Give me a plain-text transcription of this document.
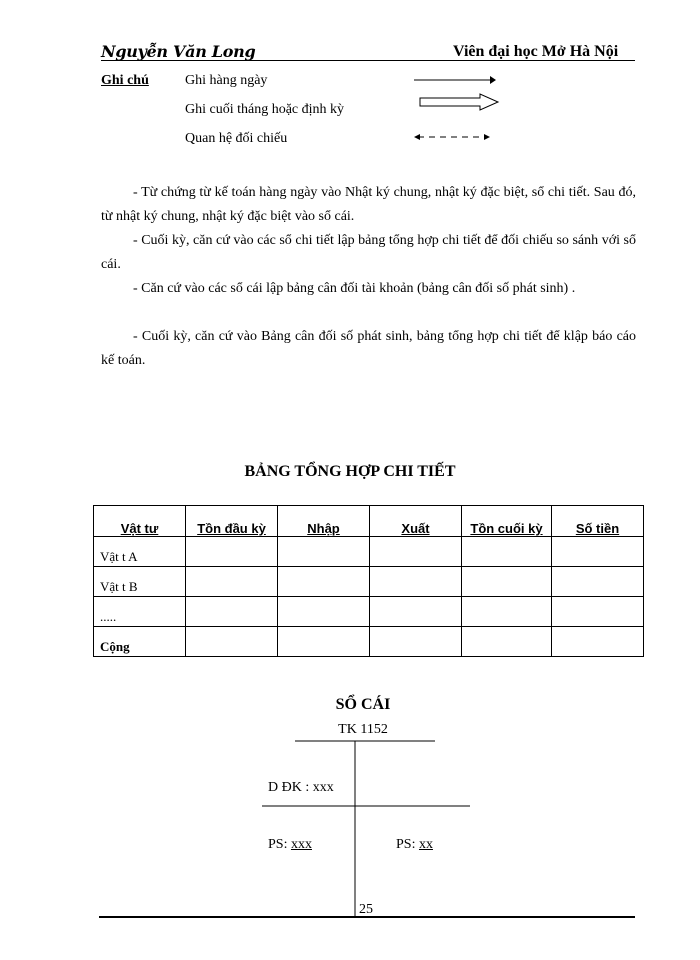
Nguyễn Văn Long	Viên đại học Mở Hà Nội
Ghi chú	Ghi hàng ngày
Ghi cuối tháng hoặc định kỳ
Quan hệ đối chiếu
- Từ chứng từ kế toán hàng ngày vào Nhật ký chung, nhật ký đặc biệt, sổ chi tiết. Sau đó, từ nhật ký chung, nhật ký đặc biệt vào sổ cái.
- Cuối kỳ, căn cứ vào các sổ chi tiết lập bảng tổng hợp chi tiết để đối chiếu so sánh với sổ cái.
- Căn cứ vào các sổ cái lập bảng cân đối tài khoản (bảng cân đối số phát sinh) .
- Cuối kỳ, căn cứ vào Bảng cân đối số phát sinh, bảng tổng hợp chi tiết để klập báo cáo kế toán.
BẢNG TỔNG HỢP CHI TIẾT
Vật tư	Tồn đầu kỳ	Nhập	Xuất	Tồn cuối kỳ	Số tiền
Vật t A					
Vật t B					
.....					
Cộng					
SỔ CÁI
TK 1152
D ĐK : xxx
PS: xxx	PS: xx
25
